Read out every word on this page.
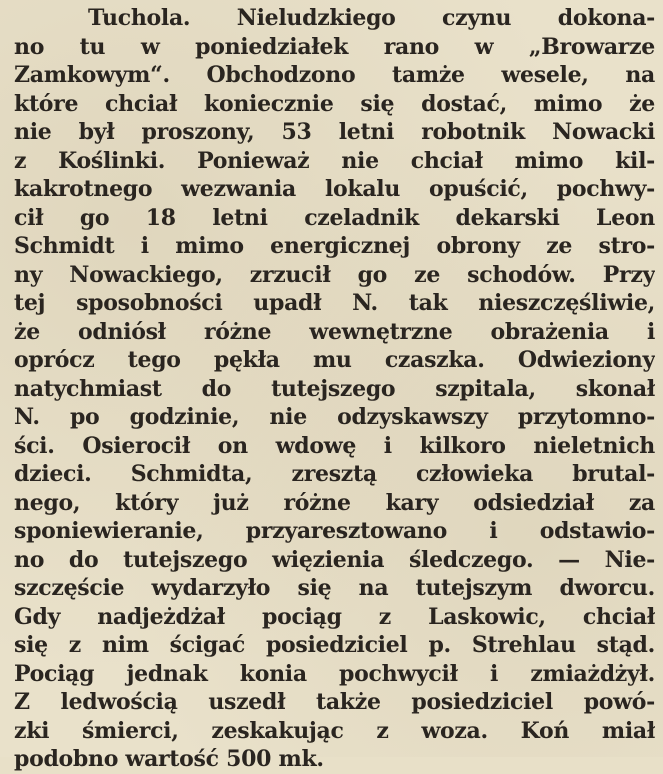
Tuchola. Nieludzkiego czynu dokona-
no tu w poniedziałek rano w „Browarze
Zamkowym“. Obchodzono tamże wesele, na
które chciał koniecznie się dostać, mimo że
nie był proszony, 53 letni robotnik Nowacki
z Koślinki. Ponieważ nie chciał mimo kil-
kakrotnego wezwania lokalu opuścić, pochwy-
cił go 18 letni czeladnik dekarski Leon
Schmidt i mimo energicznej obrony ze stro-
ny Nowackiego, zrzucił go ze schodów. Przy
tej sposobności upadł N. tak nieszczęśliwie,
że odniósł różne wewnętrzne obrażenia i
oprócz tego pękła mu czaszka. Odwieziony
natychmiast do tutejszego szpitala, skonał
N. po godzinie, nie odzyskawszy przytomno-
ści. Osierocił on wdowę i kilkoro nieletnich
dzieci. Schmidta, zresztą człowieka brutal-
nego, który już różne kary odsiedział za
sponiewieranie, przyaresztowano i odstawio-
no do tutejszego więzienia śledczego. — Nie-
szczęście wydarzyło się na tutejszym dworcu.
Gdy nadjeżdżał pociąg z Laskowic, chciał
się z nim ścigać posiedziciel p. Strehlau stąd.
Pociąg jednak konia pochwycił i zmiażdżył.
Z ledwością uszedł także posiedziciel powó-
zki śmierci, zeskakując z woza. Koń miał
podobno wartość 500 mk.
